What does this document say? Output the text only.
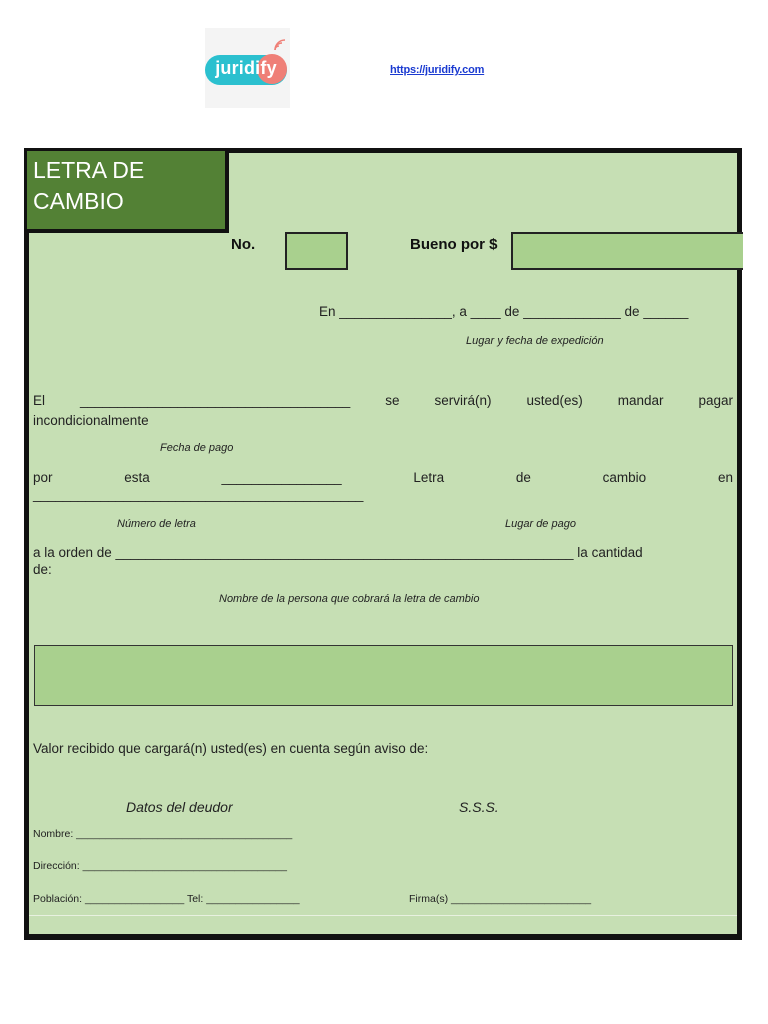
juridify	https://juridify.com
LETRA DE
CAMBIO
No.	Bueno por $
En _______________, a ____ de _____________ de ______
Lugar y fecha de expedición
El	____________________________________	se	servirá(n)	usted(es)	mandar	pagar
incondicionalmente
Fecha de pago
por	esta	________________	Letra	de	cambio	en
____________________________________________
Número de letra	Lugar de pago
a la orden de _____________________________________________________________ la cantidad
de:
Nombre de la persona que cobrará la letra de cambio
Valor recibido que cargará(n) usted(es) en cuenta según aviso de:
Datos del deudor	S.S.S.
Nombre: _____________________________________
Dirección: ___________________________________
Población: _________________ Tel: ________________	Firma(s) ________________________
